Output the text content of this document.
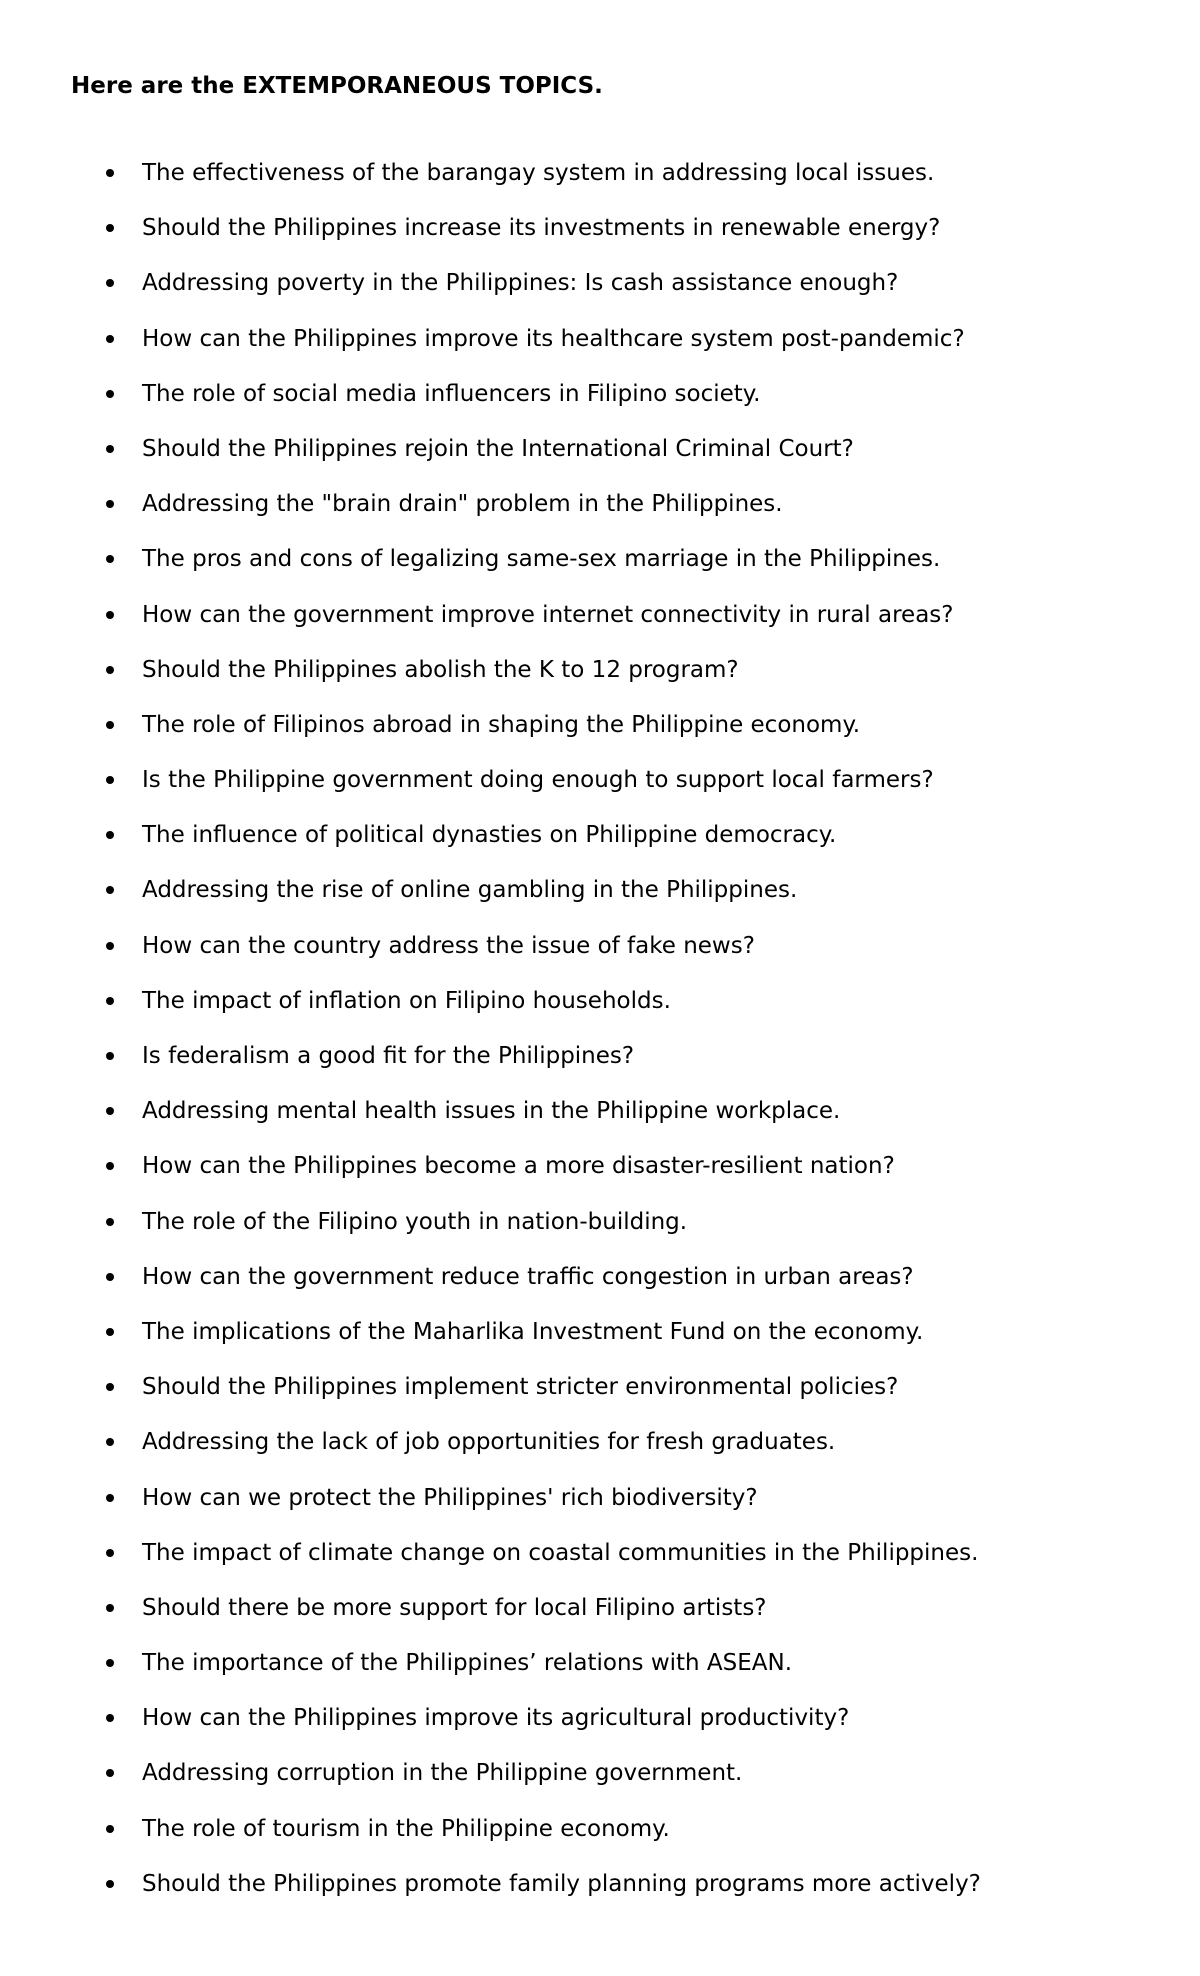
Here are the EXTEMPORANEOUS TOPICS.
The effectiveness of the barangay system in addressing local issues.
Should the Philippines increase its investments in renewable energy?
Addressing poverty in the Philippines: Is cash assistance enough?
How can the Philippines improve its healthcare system post-pandemic?
The role of social media influencers in Filipino society.
Should the Philippines rejoin the International Criminal Court?
Addressing the "brain drain" problem in the Philippines.
The pros and cons of legalizing same-sex marriage in the Philippines.
How can the government improve internet connectivity in rural areas?
Should the Philippines abolish the K to 12 program?
The role of Filipinos abroad in shaping the Philippine economy.
Is the Philippine government doing enough to support local farmers?
The influence of political dynasties on Philippine democracy.
Addressing the rise of online gambling in the Philippines.
How can the country address the issue of fake news?
The impact of inflation on Filipino households.
Is federalism a good fit for the Philippines?
Addressing mental health issues in the Philippine workplace.
How can the Philippines become a more disaster-resilient nation?
The role of the Filipino youth in nation-building.
How can the government reduce traffic congestion in urban areas?
The implications of the Maharlika Investment Fund on the economy.
Should the Philippines implement stricter environmental policies?
Addressing the lack of job opportunities for fresh graduates.
How can we protect the Philippines' rich biodiversity?
The impact of climate change on coastal communities in the Philippines.
Should there be more support for local Filipino artists?
The importance of the Philippines’ relations with ASEAN.
How can the Philippines improve its agricultural productivity?
Addressing corruption in the Philippine government.
The role of tourism in the Philippine economy.
Should the Philippines promote family planning programs more actively?
